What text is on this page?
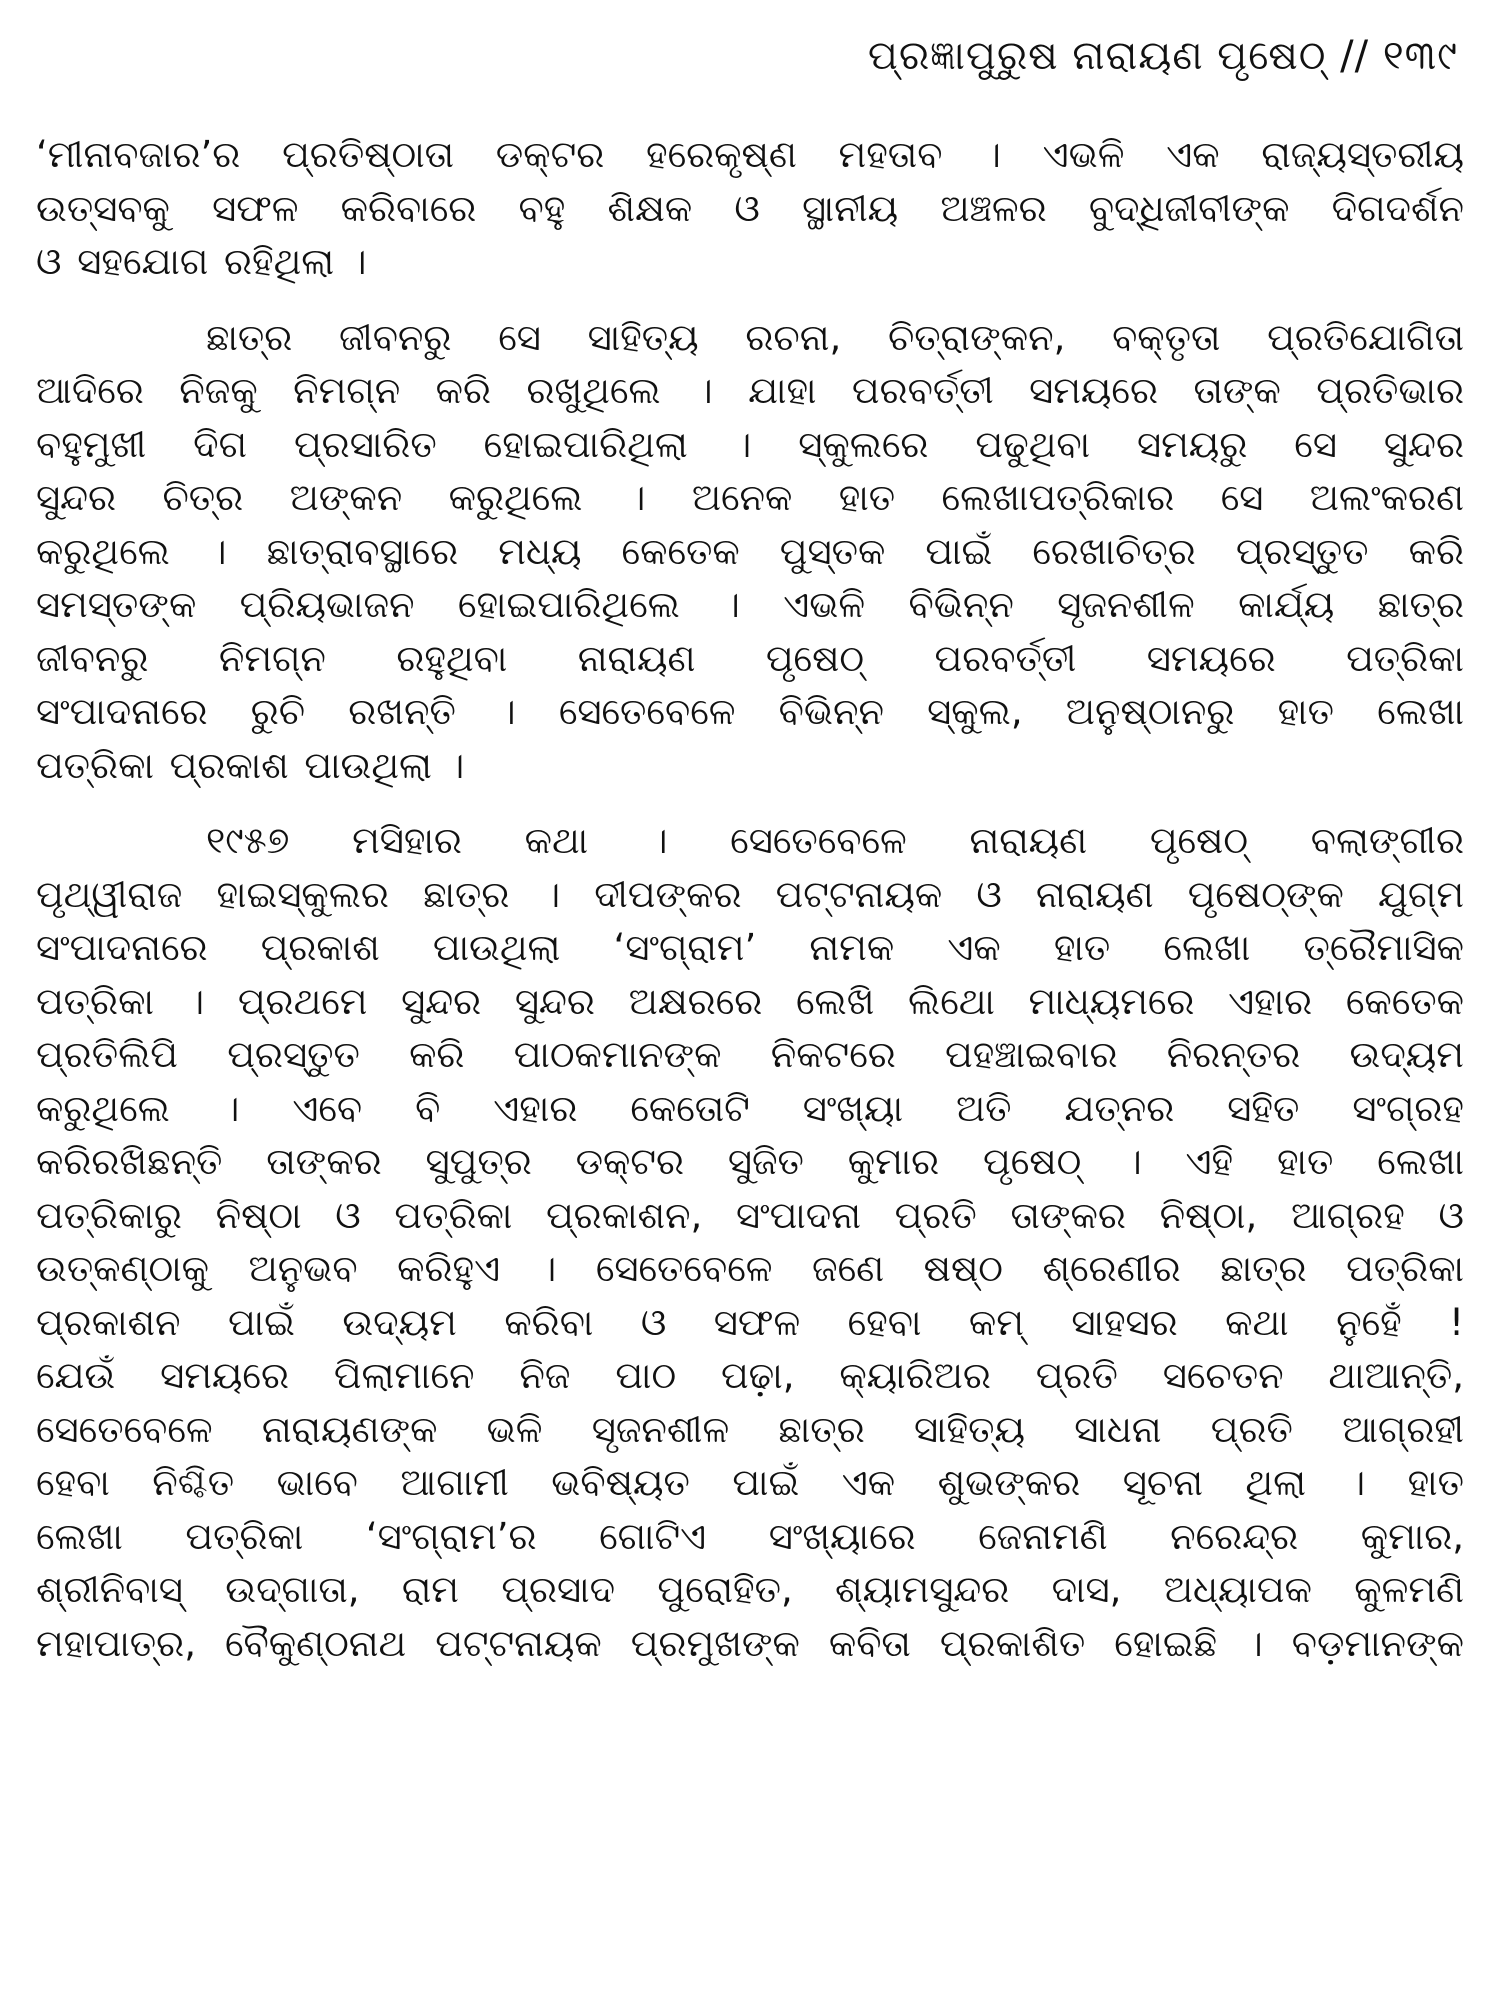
ପ୍ରଜ୍ଞାପୁରୁଷ ନାରାୟଣ ପୃଷେଠ୍ // ୧୩୯
‘ମୀନାବଜାର’ର ପ୍ରତିଷ୍ଠାତା ଡକ୍ଟର ହରେକୃଷ୍ଣ ମହତାବ । ଏଭଳି ଏକ ରାଜ୍ୟସ୍ତରୀୟ
ଉତ୍ସବକୁ ସଫଳ କରିବାରେ ବହୁ ଶିକ୍ଷକ ଓ ସ୍ଥାନୀୟ ଅଞ୍ଚଳର ବୁଦ୍ଧିଜୀବୀଙ୍କ ଦିଗଦର୍ଶନ
ଓ ସହଯୋଗ ରହିଥିଲା ।
ଛାତ୍ର ଜୀବନରୁ ସେ ସାହିତ୍ୟ ରଚନା, ଚିତ୍ରାଙ୍କନ, ବକ୍ତୃତା ପ୍ରତିଯୋଗିତା
ଆଦିରେ ନିଜକୁ ନିମଗ୍ନ କରି ରଖୁଥିଲେ । ଯାହା ପରବର୍ତ୍ତୀ ସମୟରେ ତାଙ୍କ ପ୍ରତିଭାର
ବହୁମୁଖୀ ଦିଗ ପ୍ରସାରିତ ହୋଇପାରିଥିଲା । ସ୍କୁଲରେ ପଢୁଥିବା ସମୟରୁ ସେ ସୁନ୍ଦର
ସୁନ୍ଦର ଚିତ୍ର ଅଙ୍କନ କରୁଥିଲେ । ଅନେକ ହାତ ଲେଖାପତ୍ରିକାର ସେ ଅଲଂକରଣ
କରୁଥିଲେ । ଛାତ୍ରାବସ୍ଥାରେ ମଧ୍ୟ କେତେକ ପୁସ୍ତକ ପାଇଁ ରେଖାଚିତ୍ର ପ୍ରସ୍ତୁତ କରି
ସମସ୍ତଙ୍କ ପ୍ରିୟଭାଜନ ହୋଇପାରିଥିଲେ । ଏଭଳି ବିଭିନ୍ନ ସୃଜନଶୀଳ କାର୍ଯ୍ୟ ଛାତ୍ର
ଜୀବନରୁ ନିମଗ୍ନ ରହୁଥିବା ନାରାୟଣ ପୃଷେଠ୍ ପରବର୍ତ୍ତୀ ସମୟରେ ପତ୍ରିକା
ସଂପାଦନାରେ ରୁଚି ରଖନ୍ତି । ସେତେବେଳେ ବିଭିନ୍ନ ସ୍କୁଲ, ଅନୁଷ୍ଠାନରୁ ହାତ ଲେଖା
ପତ୍ରିକା ପ୍ରକାଶ ପାଉଥିଲା ।
୧୯୫୭ ମସିହାର କଥା । ସେତେବେଳେ ନାରାୟଣ ପୃଷେଠ୍ ବଲାଙ୍ଗୀର
ପୃଥ୍ୱୀରାଜ ହାଇସ୍କୁଲର ଛାତ୍ର । ଦୀପଙ୍କର ପଟ୍ଟନାୟକ ଓ ନାରାୟଣ ପୃଷେଠ୍ଙ୍କ ଯୁଗ୍ମ
ସଂପାଦନାରେ ପ୍ରକାଶ ପାଉଥିଲା ‘ସଂଗ୍ରାମ’ ନାମକ ଏକ ହାତ ଲେଖା ତ୍ରୈମାସିକ
ପତ୍ରିକା । ପ୍ରଥମେ ସୁନ୍ଦର ସୁନ୍ଦର ଅକ୍ଷରରେ ଲେଖି ଲିଥୋ ମାଧ୍ୟମରେ ଏହାର କେତେକ
ପ୍ରତିଲିପି ପ୍ରସ୍ତୁତ କରି ପାଠକମାନଙ୍କ ନିକଟରେ ପହଞ୍ଚାଇବାର ନିରନ୍ତର ଉଦ୍ୟମ
କରୁଥିଲେ । ଏବେ ବି ଏହାର କେତୋଟି ସଂଖ୍ୟା ଅତି ଯତ୍ନର ସହିତ ସଂଗ୍ରହ
କରିରଖିଛନ୍ତି ତାଙ୍କର ସୁପୁତ୍ର ଡକ୍ଟର ସୁଜିତ କୁମାର ପୃଷେଠ୍ । ଏହି ହାତ ଲେଖା
ପତ୍ରିକାରୁ ନିଷ୍ଠା ଓ ପତ୍ରିକା ପ୍ରକାଶନ, ସଂପାଦନା ପ୍ରତି ତାଙ୍କର ନିଷ୍ଠା, ଆଗ୍ରହ ଓ
ଉତ୍କଣ୍ଠାକୁ ଅନୁଭବ କରିହୁଏ । ସେତେବେଳେ ଜଣେ ଷଷ୍ଠ ଶ୍ରେଣୀର ଛାତ୍ର ପତ୍ରିକା
ପ୍ରକାଶନ ପାଇଁ ଉଦ୍ୟମ କରିବା ଓ ସଫଳ ହେବା କମ୍ ସାହସର କଥା ନୁହେଁ !
ଯେଉଁ ସମୟରେ ପିଲାମାନେ ନିଜ ପାଠ ପଢ଼ା, କ୍ୟାରିଅର ପ୍ରତି ସଚେତନ ଥାଆନ୍ତି,
ସେତେବେଳେ ନାରାୟଣଙ୍କ ଭଳି ସୃଜନଶୀଳ ଛାତ୍ର ସାହିତ୍ୟ ସାଧନା ପ୍ରତି ଆଗ୍ରହୀ
ହେବା ନିଶ୍ଚିତ ଭାବେ ଆଗାମୀ ଭବିଷ୍ୟତ ପାଇଁ ଏକ ଶୁଭଙ୍କର ସୂଚନା ଥିଲା । ହାତ
ଲେଖା ପତ୍ରିକା ‘ସଂଗ୍ରାମ’ର ଗୋଟିଏ ସଂଖ୍ୟାରେ ଜେନାମଣି ନରେନ୍ଦ୍ର କୁମାର,
ଶ୍ରୀନିବାସ୍ ଉଦ୍‌ଗାତା, ରାମ ପ୍ରସାଦ ପୁରୋହିତ, ଶ୍ୟାମସୁନ୍ଦର ଦାସ, ଅଧ୍ୟାପକ କୁଳମଣି
ମହାପାତ୍ର, ବୈକୁଣ୍ଠନାଥ ପଟ୍ଟନାୟକ ପ୍ରମୁଖଙ୍କ କବିତା ପ୍ରକାଶିତ ହୋଇଛି । ବଡ଼ମାନଙ୍କ
